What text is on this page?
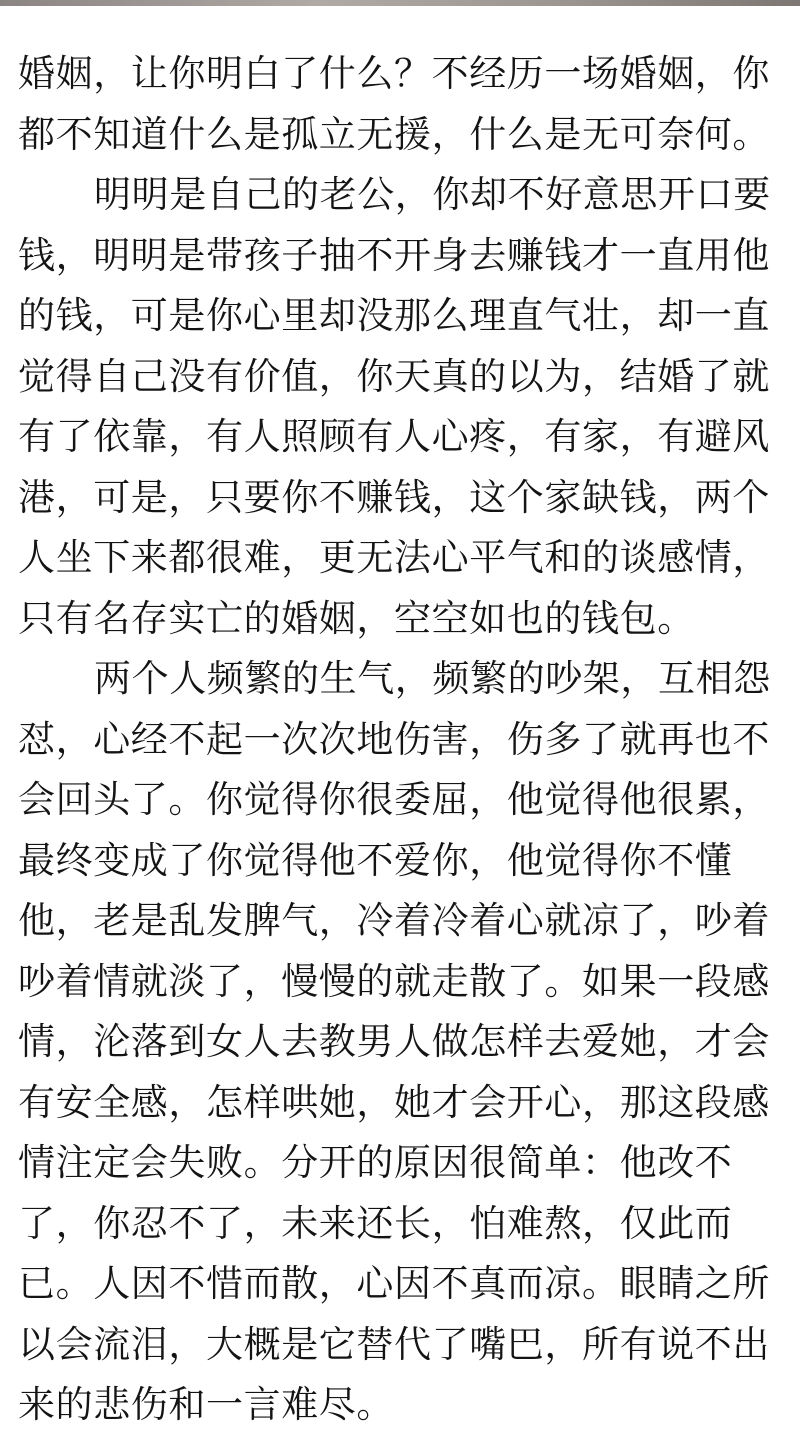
婚姻，让你明白了什么？不经历一场婚姻，你都不知道什么是孤立无援，什么是无可奈何。

明明是自己的老公，你却不好意思开口要钱，明明是带孩子抽不开身去赚钱才一直用他的钱，可是你心里却没那么理直气壮，却一直觉得自己没有价值，你天真的以为，结婚了就有了依靠，有人照顾有人心疼，有家，有避风港，可是，只要你不赚钱，这个家缺钱，两个人坐下来都很难，更无法心平气和的谈感情，只有名存实亡的婚姻，空空如也的钱包。

两个人频繁的生气，频繁的吵架，互相怨怼，心经不起一次次地伤害，伤多了就再也不会回头了。你觉得你很委屈，他觉得他很累，最终变成了你觉得他不爱你，他觉得你不懂他，老是乱发脾气，冷着冷着心就凉了，吵着吵着情就淡了，慢慢的就走散了。如果一段感情，沦落到女人去教男人做怎样去爱她，才会有安全感，怎样哄她，她才会开心，那这段感情注定会失败。分开的原因很简单：他改不了，你忍不了，未来还长，怕难熬，仅此而已。人因不惜而散，心因不真而凉。眼睛之所以会流泪，大概是它替代了嘴巴，所有说不出来的悲伤和一言难尽。
